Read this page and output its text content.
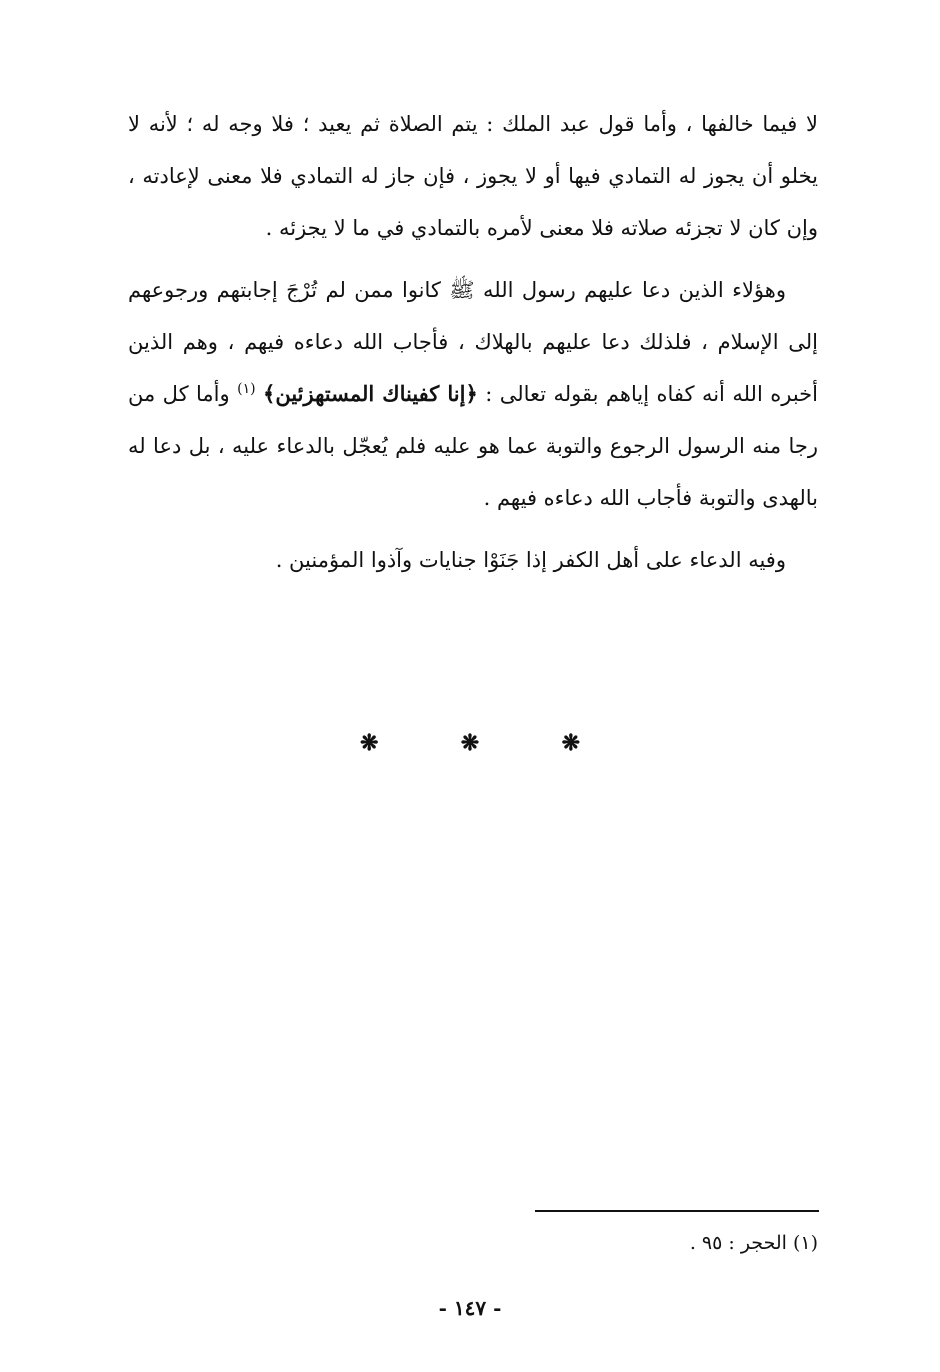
لا فيما خالفها ، وأما قول عبد الملك : يتم الصلاة ثم يعيد ؛ فلا وجه له ؛ لأنه لا يخلو أن يجوز له التمادي فيها أو لا يجوز ، فإن جاز له التمادي فلا معنى لإعادته ، وإن كان لا تجزئه صلاته فلا معنى لأمره بالتمادي في ما لا يجزئه .

وهؤلاء الذين دعا عليهم رسول الله ﷺ كانوا ممن لم تُرْجَ إجابتهم ورجوعهم إلى الإسلام ، فلذلك دعا عليهم بالهلاك ، فأجاب الله دعاءه فيهم ، وهم الذين أخبره الله أنه كفاه إياهم بقوله تعالى : ﴿إنا كفيناك المستهزئين﴾ $^{(١)}$ وأما كل من رجا منه الرسول الرجوع والتوبة عما هو عليه فلم يُعجّل بالدعاء عليه ، بل دعا له بالهدى والتوبة فأجاب الله دعاءه فيهم .

وفيه الدعاء على أهل الكفر إذا جَنَوْا جنايات وآذوا المؤمنين .

❋
❋
❋
(١) الحجر : ٩٥ .
- ١٤٧ -
